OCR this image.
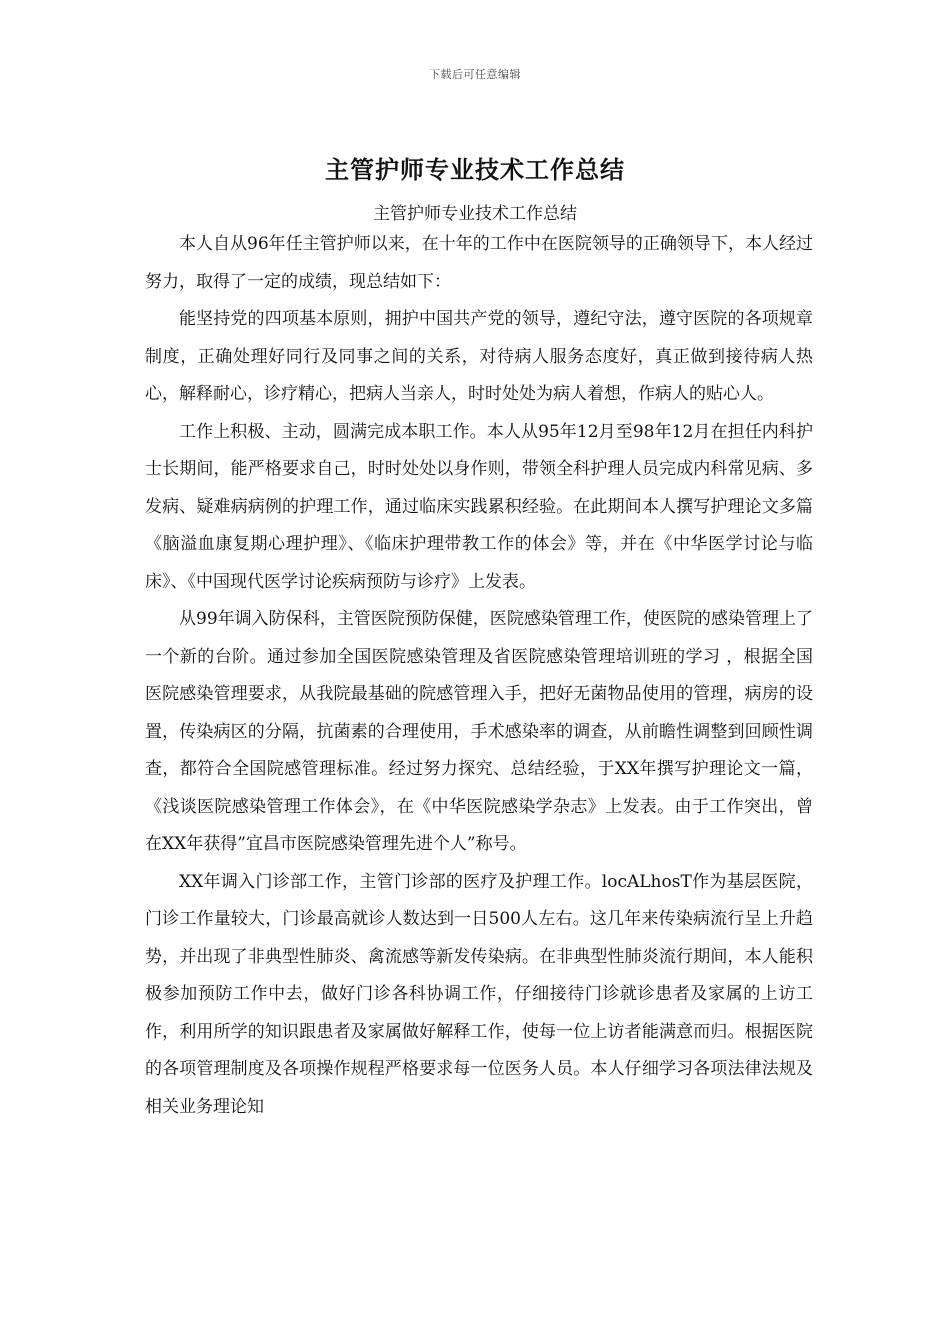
下载后可任意编辑
主管护师专业技术工作总结

主管护师专业技术工作总结

本人自从96年任主管护师以来，在十年的工作中在医院领导的正确领导下，本人经过努力，取得了一定的成绩，现总结如下：

能坚持党的四项基本原则，拥护中国共产党的领导，遵纪守法，遵守医院的各项规章制度，正确处理好同行及同事之间的关系，对待病人服务态度好，真正做到接待病人热心，解释耐心，诊疗精心，把病人当亲人，时时处处为病人着想，作病人的贴心人。

工作上积极、主动，圆满完成本职工作。本人从95年12月至98年12月在担任内科护士长期间，能严格要求自己，时时处处以身作则，带领全科护理人员完成内科常见病、多发病、疑难病病例的护理工作，通过临床实践累积经验。在此期间本人撰写护理论文多篇《脑溢血康复期心理护理》、《临床护理带教工作的体会》等，并在《中华医学讨论与临床》、《中国现代医学讨论疾病预防与诊疗》上发表。

从99年调入防保科，主管医院预防保健，医院感染管理工作，使医院的感染管理上了一个新的台阶。通过参加全国医院感染管理及省医院感染管理培训班的学习 ，根据全国医院感染管理要求，从我院最基础的院感管理入手，把好无菌物品使用的管理，病房的设置，传染病区的分隔，抗菌素的合理使用，手术感染率的调查，从前瞻性调整到回顾性调查，都符合全国院感管理标准。经过努力探究、总结经验，于XX年撰写护理论文一篇，《浅谈医院感染管理工作体会》，在《中华医院感染学杂志》上发表。由于工作突出，曾在XX年获得”宜昌市医院感染管理先进个人”称号。

XX年调入门诊部工作，主管门诊部的医疗及护理工作。locALhosT作为基层医院，门诊工作量较大，门诊最高就诊人数达到一日500人左右。这几年来传染病流行呈上升趋势，并出现了非典型性肺炎、禽流感等新发传染病。在非典型性肺炎流行期间，本人能积极参加预防工作中去，做好门诊各科协调工作，仔细接待门诊就诊患者及家属的上访工作，利用所学的知识跟患者及家属做好解释工作，使每一位上访者能满意而归。根据医院的各项管理制度及各项操作规程严格要求每一位医务人员。本人仔细学习各项法律法规及相关业务理论知
